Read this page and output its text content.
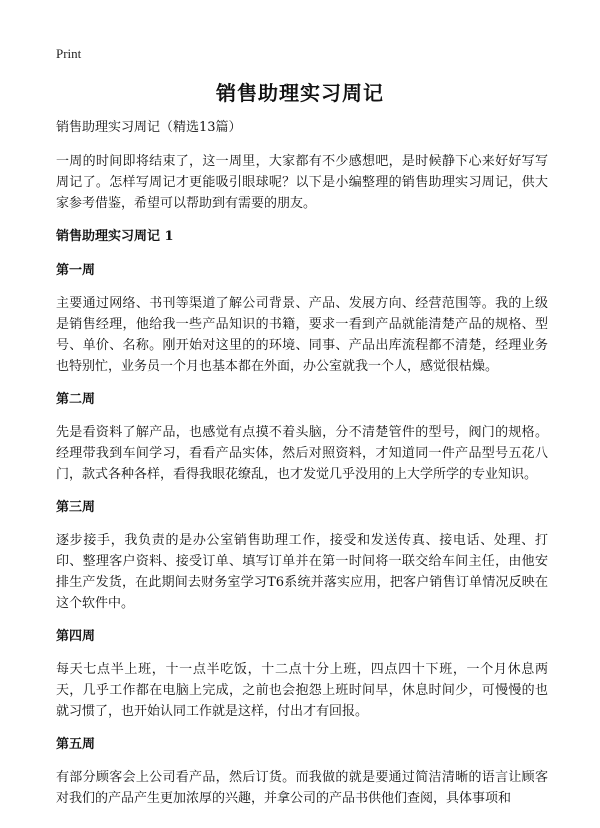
Print
销售助理实习周记

销售助理实习周记（精选13篇）

一周的时间即将结束了，这一周里，大家都有不少感想吧，是时候静下心来好好写写周记了。怎样写周记才更能吸引眼球呢？以下是小编整理的销售助理实习周记，供大家参考借鉴，希望可以帮助到有需要的朋友。

销售助理实习周记 1

第一周

主要通过网络、书刊等渠道了解公司背景、产品、发展方向、经营范围等。我的上级是销售经理，他给我一些产品知识的书籍，要求一看到产品就能清楚产品的规格、型号、单价、名称。刚开始对这里的的环境、同事、产品出库流程都不清楚，经理业务也特别忙，业务员一个月也基本都在外面，办公室就我一个人，感觉很枯燥。

第二周

先是看资料了解产品，也感觉有点摸不着头脑，分不清楚管件的型号，阀门的规格。经理带我到车间学习，看看产品实体，然后对照资料，才知道同一件产品型号五花八门，款式各种各样，看得我眼花缭乱，也才发觉几乎没用的上大学所学的专业知识。

第三周

逐步接手，我负责的是办公室销售助理工作，接受和发送传真、接电话、处理、打印、整理客户资料、接受订单、填写订单并在第一时间将一联交给车间主任，由他安排生产发货，在此期间去财务室学习T6系统并落实应用，把客户销售订单情况反映在这个软件中。

第四周

每天七点半上班，十一点半吃饭，十二点十分上班，四点四十下班，一个月休息两天，几乎工作都在电脑上完成，之前也会抱怨上班时间早，休息时间少，可慢慢的也就习惯了，也开始认同工作就是这样，付出才有回报。

第五周

有部分顾客会上公司看产品，然后订货。而我做的就是要通过简洁清晰的语言让顾客对我们的产品产生更加浓厚的兴趣，并拿公司的产品书供他们查阅，具体事项和
